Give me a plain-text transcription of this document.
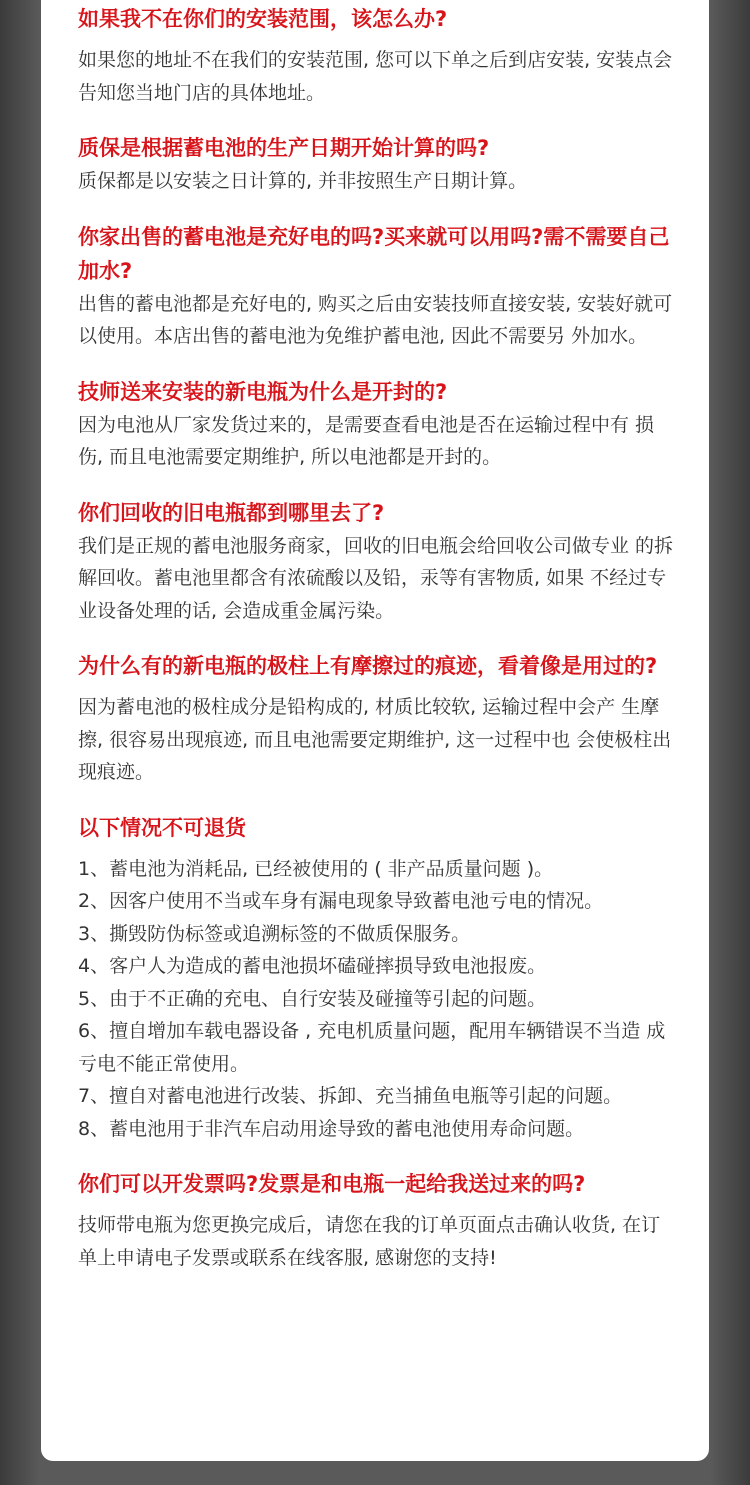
如果我不在你们的安装范围，该怎么办?

如果您的地址不在我们的安装范围, 您可以下单之后到店安装, 安装点会告知您当地门店的具体地址。

质保是根据蓄电池的生产日期开始计算的吗?

质保都是以安装之日计算的, 并非按照生产日期计算。

你家出售的蓄电池是充好电的吗?买来就可以用吗?需不需要自己加水?

出售的蓄电池都是充好电的, 购买之后由安装技师直接安装, 安装好就可以使用。本店出售的蓄电池为免维护蓄电池, 因此不需要另 外加水。

技师送来安装的新电瓶为什么是开封的?

因为电池从厂家发货过来的，是需要查看电池是否在运输过程中有 损伤, 而且电池需要定期维护, 所以电池都是开封的。

你们回收的旧电瓶都到哪里去了?

我们是正规的蓄电池服务商家，回收的旧电瓶会给回收公司做专业 的拆解回收。蓄电池里都含有浓硫酸以及铅，汞等有害物质, 如果 不经过专业设备处理的话, 会造成重金属污染。

为什么有的新电瓶的极柱上有摩擦过的痕迹，看着像是用过的?

因为蓄电池的极柱成分是铅构成的, 材质比较软, 运输过程中会产 生摩擦, 很容易出现痕迹, 而且电池需要定期维护, 这一过程中也 会使极柱出现痕迹。

以下情况不可退货

1、蓄电池为消耗品, 已经被使用的 ( 非产品质量问题 )。
2、因客户使用不当或车身有漏电现象导致蓄电池亏电的情况。
3、撕毁防伪标签或追溯标签的不做质保服务。
4、客户人为造成的蓄电池损坏磕碰摔损导致电池报废。
5、由于不正确的充电、自行安装及碰撞等引起的问题。
6、擅自增加车载电器设备 , 充电机质量问题，配用车辆错误不当造 成亏电不能正常使用。
7、擅自对蓄电池进行改装、拆卸、充当捕鱼电瓶等引起的问题。
8、蓄电池用于非汽车启动用途导致的蓄电池使用寿命问题。

你们可以开发票吗?发票是和电瓶一起给我送过来的吗?

技师带电瓶为您更换完成后，请您在我的订单页面点击确认收货, 在订单上申请电子发票或联系在线客服, 感谢您的支持!
